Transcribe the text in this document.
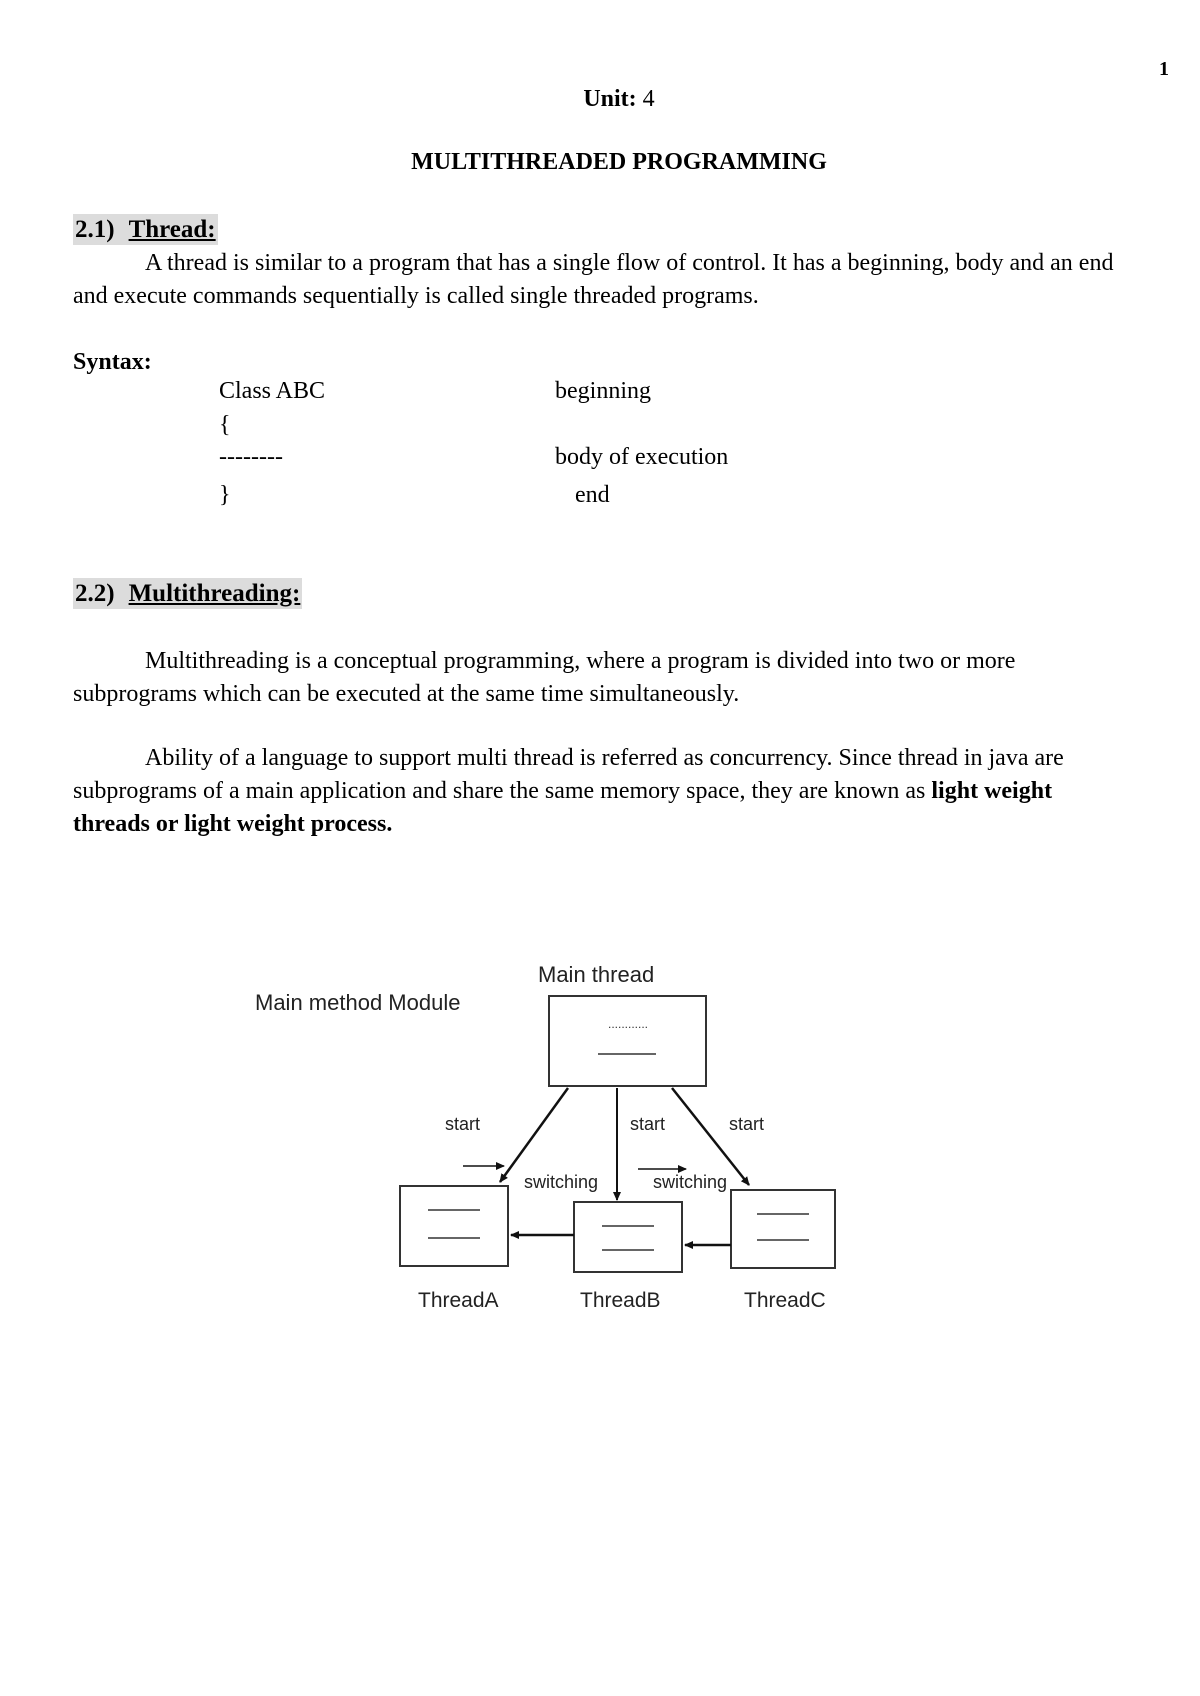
1
Unit: 4
MULTITHREADED PROGRAMMING
2.1) Thread:
A thread is similar to a program that has a single flow of control. It has a beginning, body and an end and execute commands sequentially is called single threaded programs.
Syntax:
Class ABC	beginning
{
--------	body of execution
}	end
2.2) Multithreading:
Multithreading is a conceptual programming, where a program is divided into two or more subprograms which can be executed at the same time simultaneously.
Ability of a language to support multi thread is referred as concurrency. Since thread in java are subprograms of a main application and share the same memory space, they are known as light weight threads or light weight process.
Main method Module
Main thread
............
start	start	start
switching	switching
ThreadA	ThreadB	ThreadC
